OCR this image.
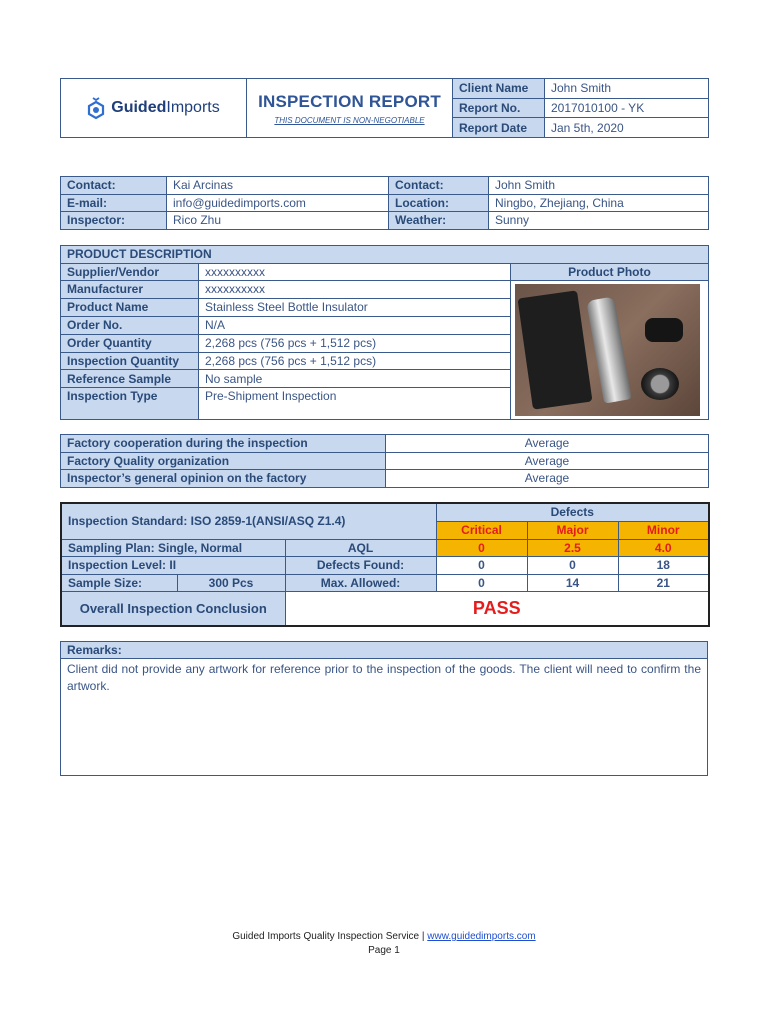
GuidedImports	INSPECTION REPORT
THIS DOCUMENT IS NON-NEGOTIABLE	Client Name	John Smith
		Report No.	2017010100 - YK
		Report Date	Jan 5th, 2020
Contact:	Kai Arcinas	Contact:	John Smith
E-mail:	info@guidedimports.com	Location:	Ningbo, Zhejiang, China
Inspector:	Rico Zhu	Weather:	Sunny
PRODUCT DESCRIPTION		
Supplier/Vendor	xxxxxxxxxx	Product Photo
Manufacturer	xxxxxxxxxx	

Product Name	Stainless Steel Bottle Insulator	
Order No.	N/A	
Order Quantity	2,268 pcs (756 pcs + 1,512 pcs)	
Inspection Quantity	2,268 pcs (756 pcs + 1,512 pcs)	
Reference Sample	No sample	
Inspection Type	Pre-Shipment Inspection	
Factory cooperation during the inspection	Average
Factory Quality organization	Average
Inspector’s general opinion on the factory	Average
Inspection Standard: ISO 2859-1(ANSI/ASQ Z1.4)			Defects		
			Critical	Major	Minor
Sampling Plan: Single, Normal		AQL	0	2.5	4.0
Inspection Level: II		Defects Found:	0	0	18
Sample Size:	300 Pcs	Max. Allowed:	0	14	21
Overall Inspection Conclusion		PASS			
Remarks:
Client did not provide any artwork for reference prior to the inspection of the goods. The client will need to confirm the artwork.
Guided Imports Quality Inspection Service | www.guidedimports.com
Page 1
